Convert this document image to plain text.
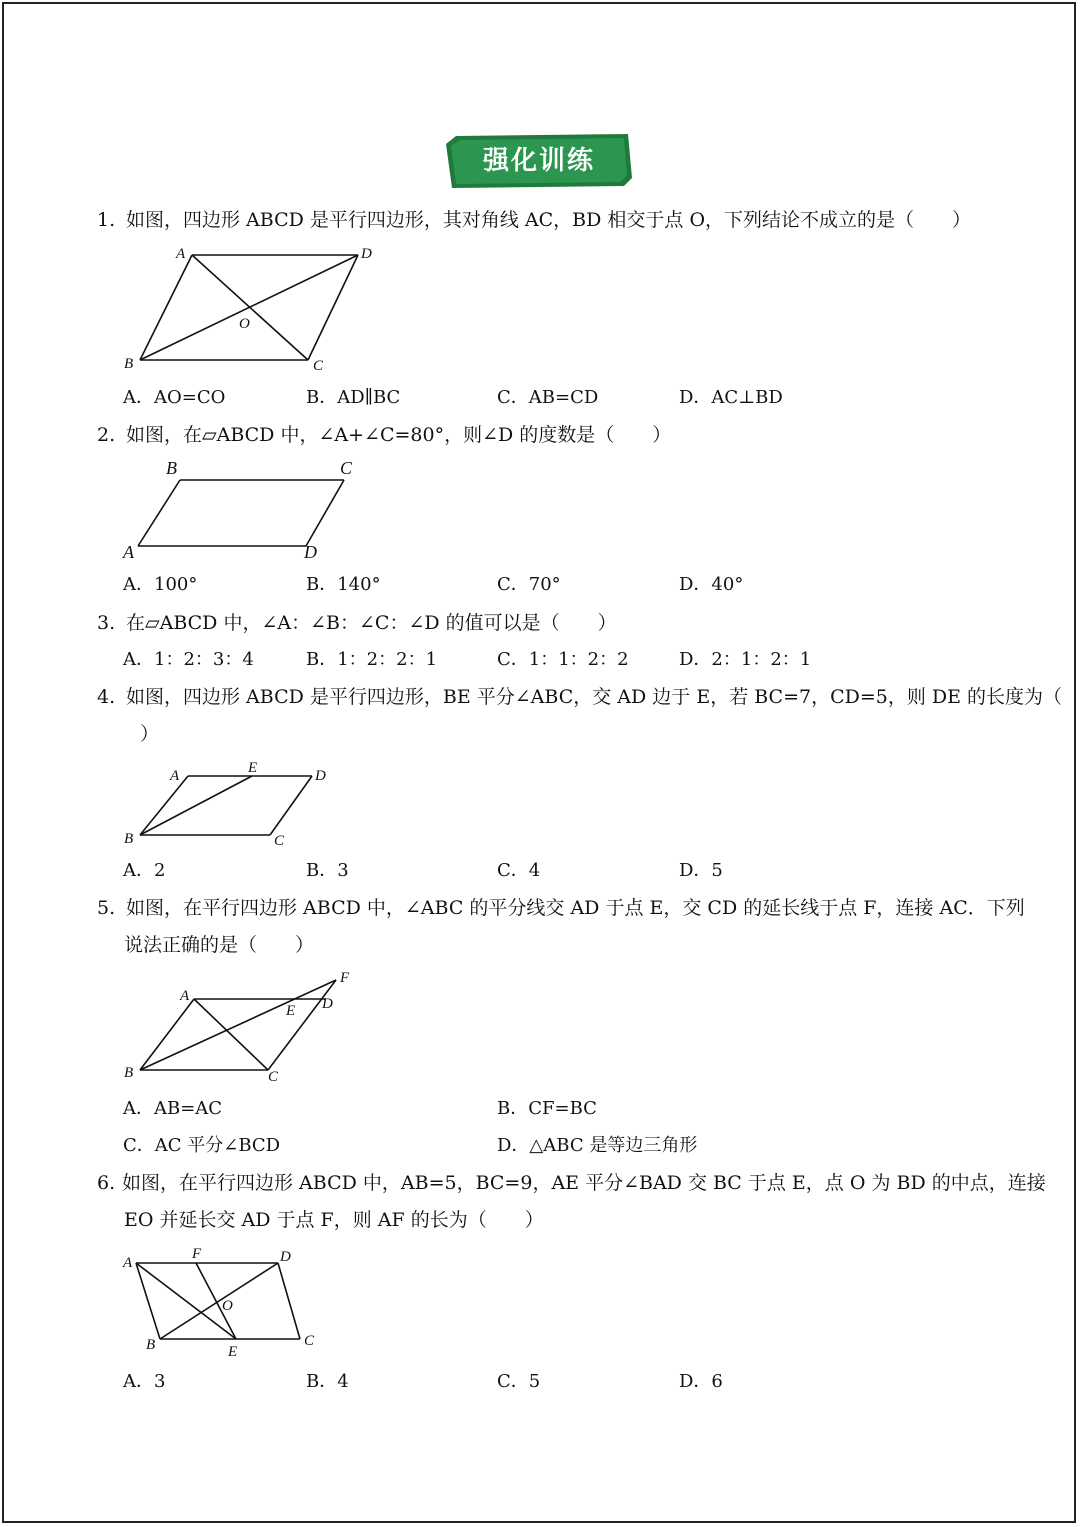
强化训练
1. 如图，四边形 ABCD 是平行四边形，其对角线 AC，BD 相交于点 O，下列结论不成立的是（　　）
A	D
O
B	C
A．AO=CO	B．AD∥BC	C．AB=CD	D．AC⊥BD
2. 如图，在▱ABCD 中，∠A+∠C=80°，则∠D 的度数是（　　）
B	C
A	D
A．100°	B．140°	C．70°	D．40°
3. 在▱ABCD 中，∠A：∠B：∠C：∠D 的值可以是（　　）
A．1：2：3：4	B．1：2：2：1	C．1：1：2：2	D．2：1：2：1
4. 如图，四边形 ABCD 是平行四边形，BE 平分∠ABC，交 AD 边于 E，若 BC=7，CD=5，则 DE 的长度为（
）
A	E	D
B	C
A．2	B．3	C．4	D．5
5. 如图，在平行四边形 ABCD 中，∠ABC 的平分线交 AD 于点 E，交 CD 的延长线于点 F，连接 AC．下列
说法正确的是（　　）
F
A
E D
B	C
A．AB=AC	B．CF=BC
C．AC 平分∠BCD	D．△ABC 是等边三角形
6. 如图，在平行四边形 ABCD 中，AB=5，BC=9，AE 平分∠BAD 交 BC 于点 E，点 O 为 BD 的中点，连接
EO 并延长交 AD 于点 F，则 AF 的长为（　　）
A
F	D
O
B	E
C
A．3	B．4	C．5	D．6
